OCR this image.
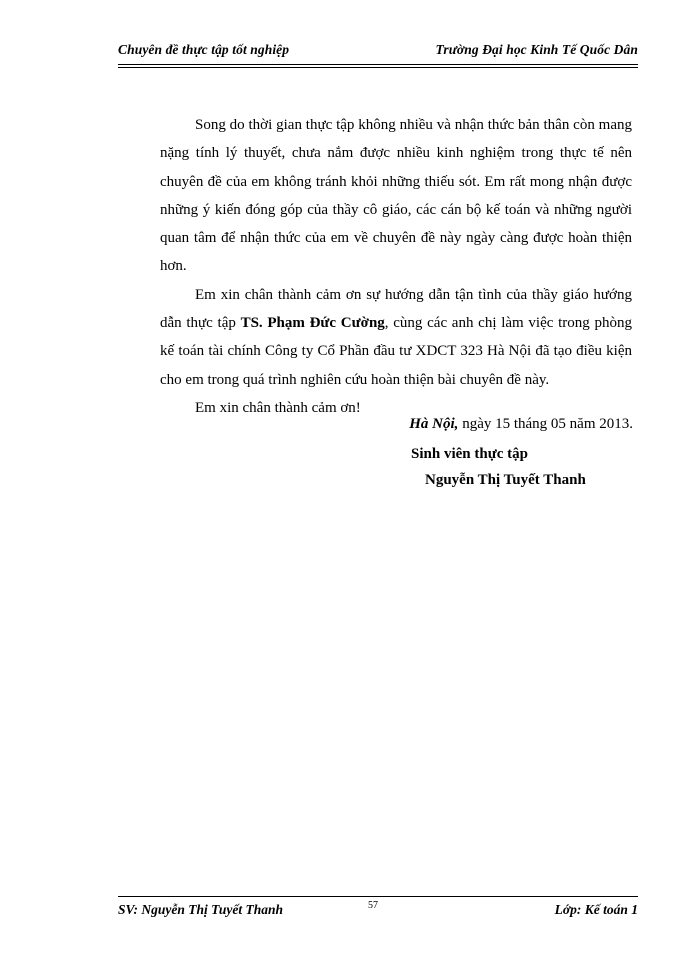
Chuyên đề thực tập tốt nghiệp	Trường Đại học Kinh Tế Quốc Dân

Song do thời gian thực tập không nhiều và nhận thức bản thân còn mang nặng tính lý thuyết, chưa nắm được nhiều kinh nghiệm trong thực tế nên chuyên đề của em không tránh khỏi những thiếu sót. Em rất mong nhận được những ý kiến đóng góp của thầy cô giáo, các cán bộ kế toán và những người quan tâm để nhận thức của em về chuyên đề này ngày càng được hoàn thiện hơn.

Em xin chân thành cảm ơn sự hướng dẫn tận tình của thầy giáo hướng dẫn thực tập TS. Phạm Đức Cường, cùng các anh chị làm việc trong phòng kế toán tài chính Công ty Cổ Phần đầu tư XDCT 323 Hà Nội đã tạo điều kiện cho em trong quá trình nghiên cứu hoàn thiện bài chuyên đề này.

Em xin chân thành cảm ơn!

Hà Nội, ngày 15 tháng 05 năm 2013.
Sinh viên thực tập
Nguyễn Thị Tuyết Thanh
SV: Nguyễn Thị Tuyết Thanh	57	Lớp: Kế toán 1
